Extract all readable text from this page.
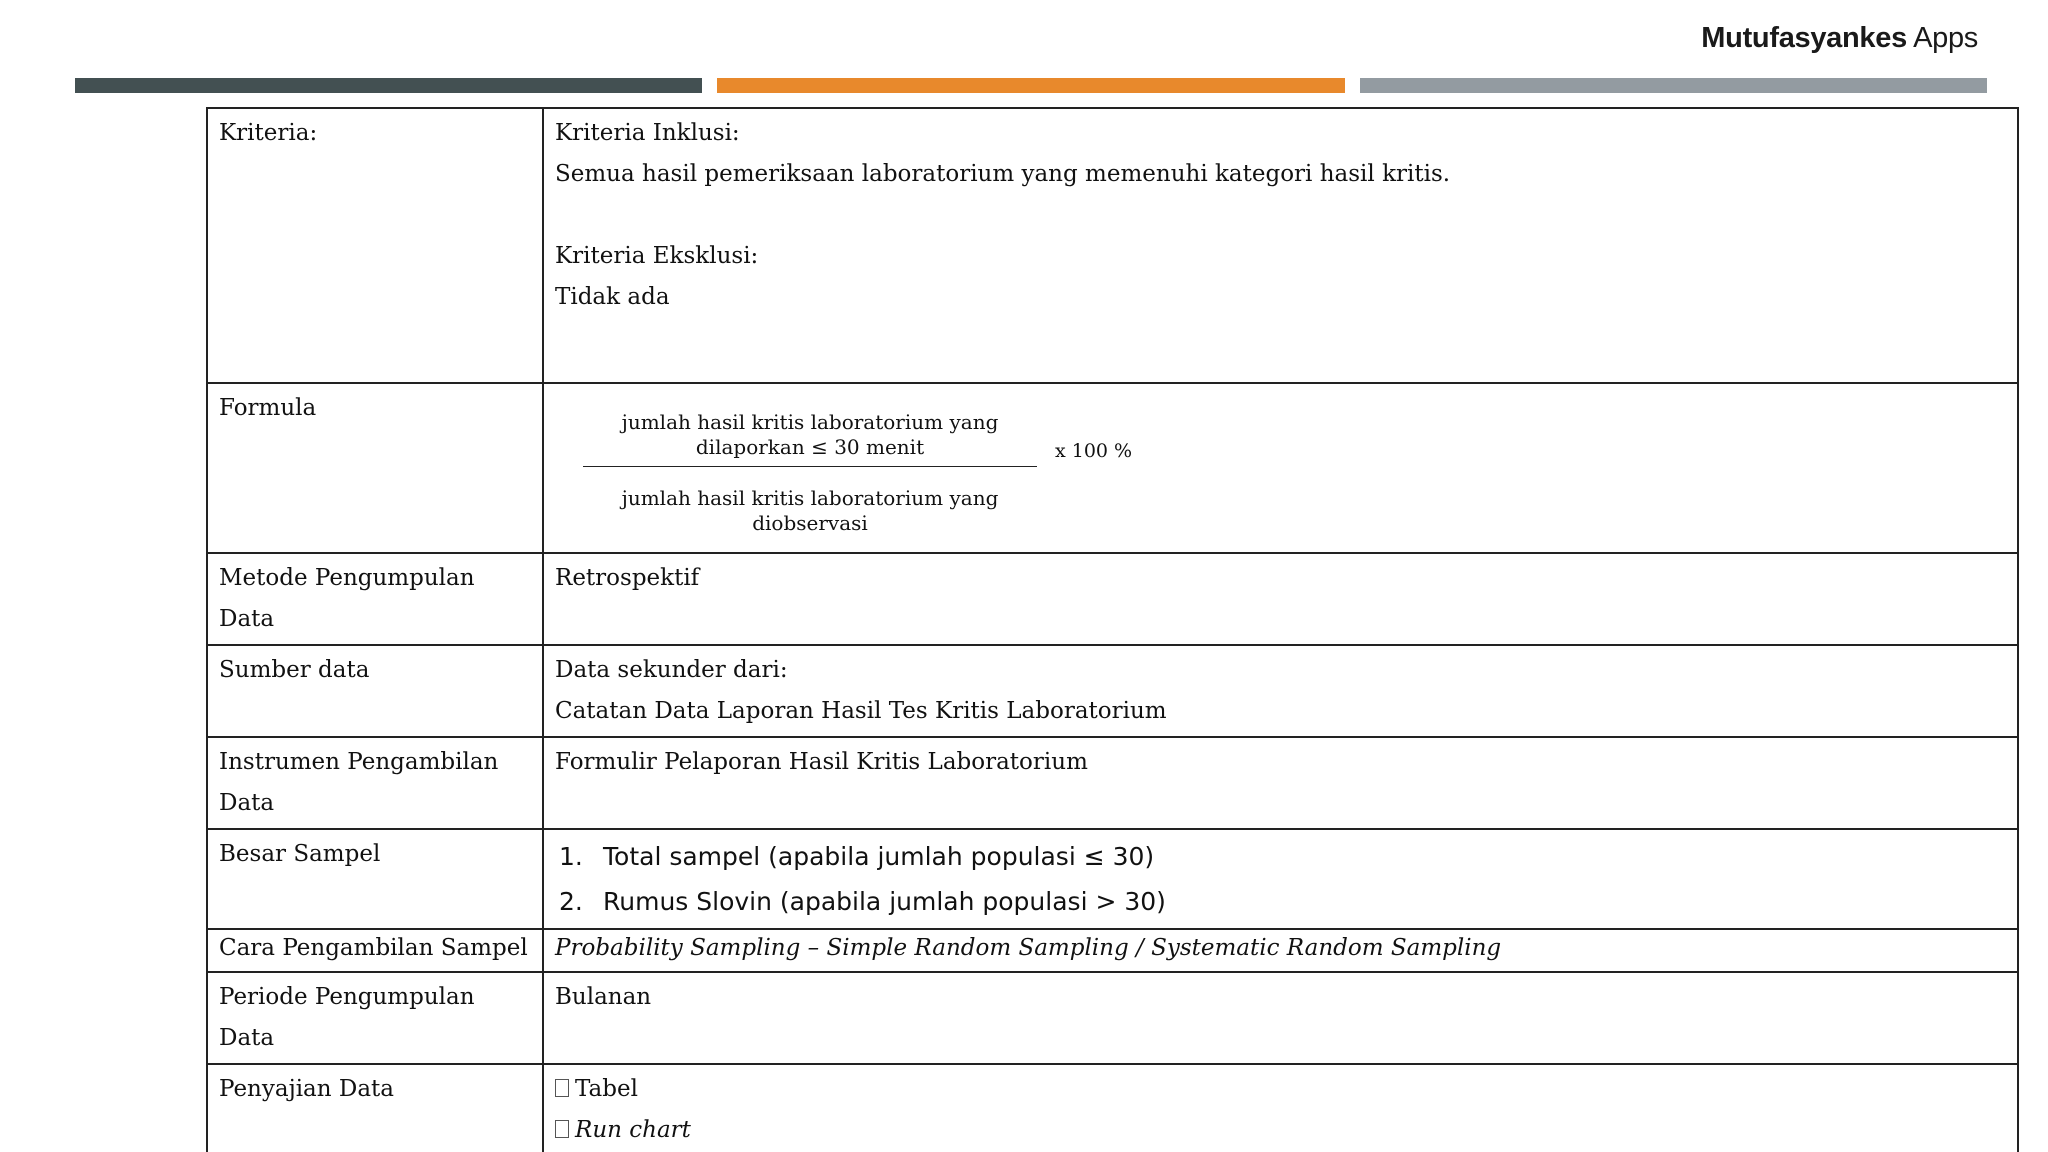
Mutufasyankes Apps
Kriteria:	Kriteria Inklusi:
Semua hasil pemeriksaan laboratorium yang memenuhi kategori hasil kritis.
Kriteria Eksklusi:
Tidak ada

Formula	jumlah hasil kritis laboratorium yang
dilaporkan ≤ 30 menit
jumlah hasil kritis laboratorium yang
diobservasi
x 100 %

Metode Pengumpulan
Data	Retrospektif

Sumber data	Data sekunder dari:
Catatan Data Laporan Hasil Tes Kritis Laboratorium

Instrumen Pengambilan
Data	Formulir Pelaporan Hasil Kritis Laboratorium

Besar Sampel	1. Total sampel (apabila jumlah populasi ≤ 30)
2. Rumus Slovin (apabila jumlah populasi > 30)

Cara Pengambilan Sampel	Probability Sampling – Simple Random Sampling / Systematic Random Sampling

Periode Pengumpulan
Data	Bulanan

Penyajian Data	Tabel
Run chart
